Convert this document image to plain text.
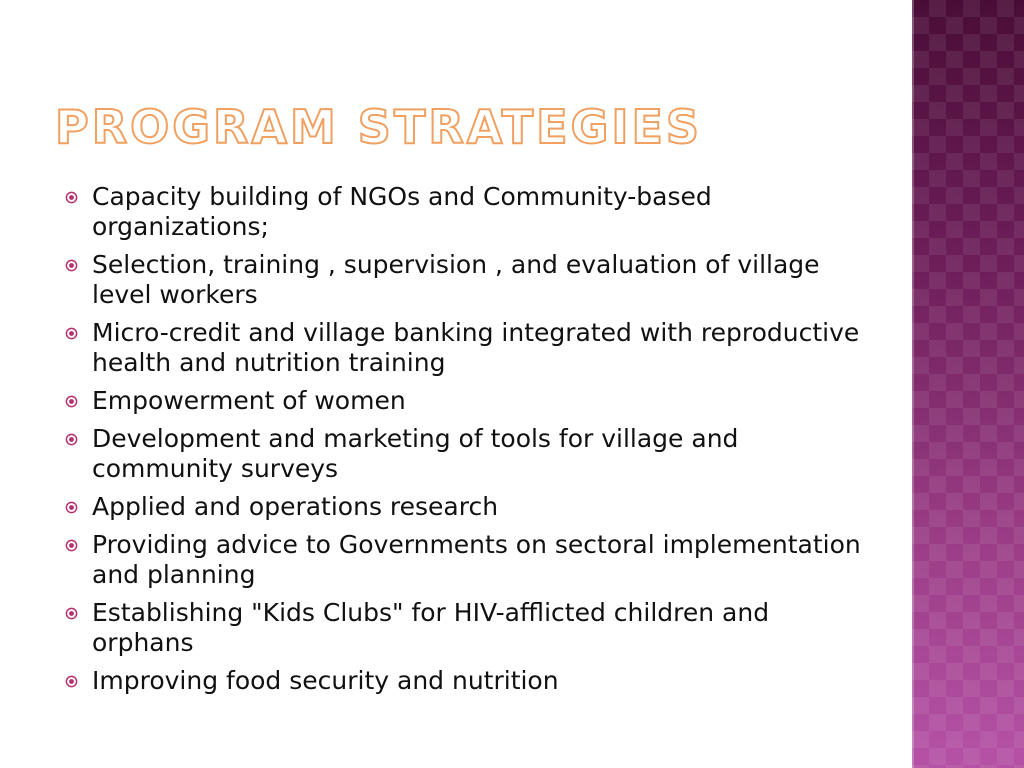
PROGRAM STRATEGIES
Capacity building of NGOs and Community-based organizations;
Selection, training , supervision , and evaluation of village level workers
Micro-credit and village banking integrated with reproductive health and nutrition training
Empowerment of women
Development and marketing of tools for village and community surveys
Applied and operations research
Providing advice to Governments on sectoral implementation and planning
Establishing "Kids Clubs" for HIV-afflicted children and orphans
Improving food security and nutrition
